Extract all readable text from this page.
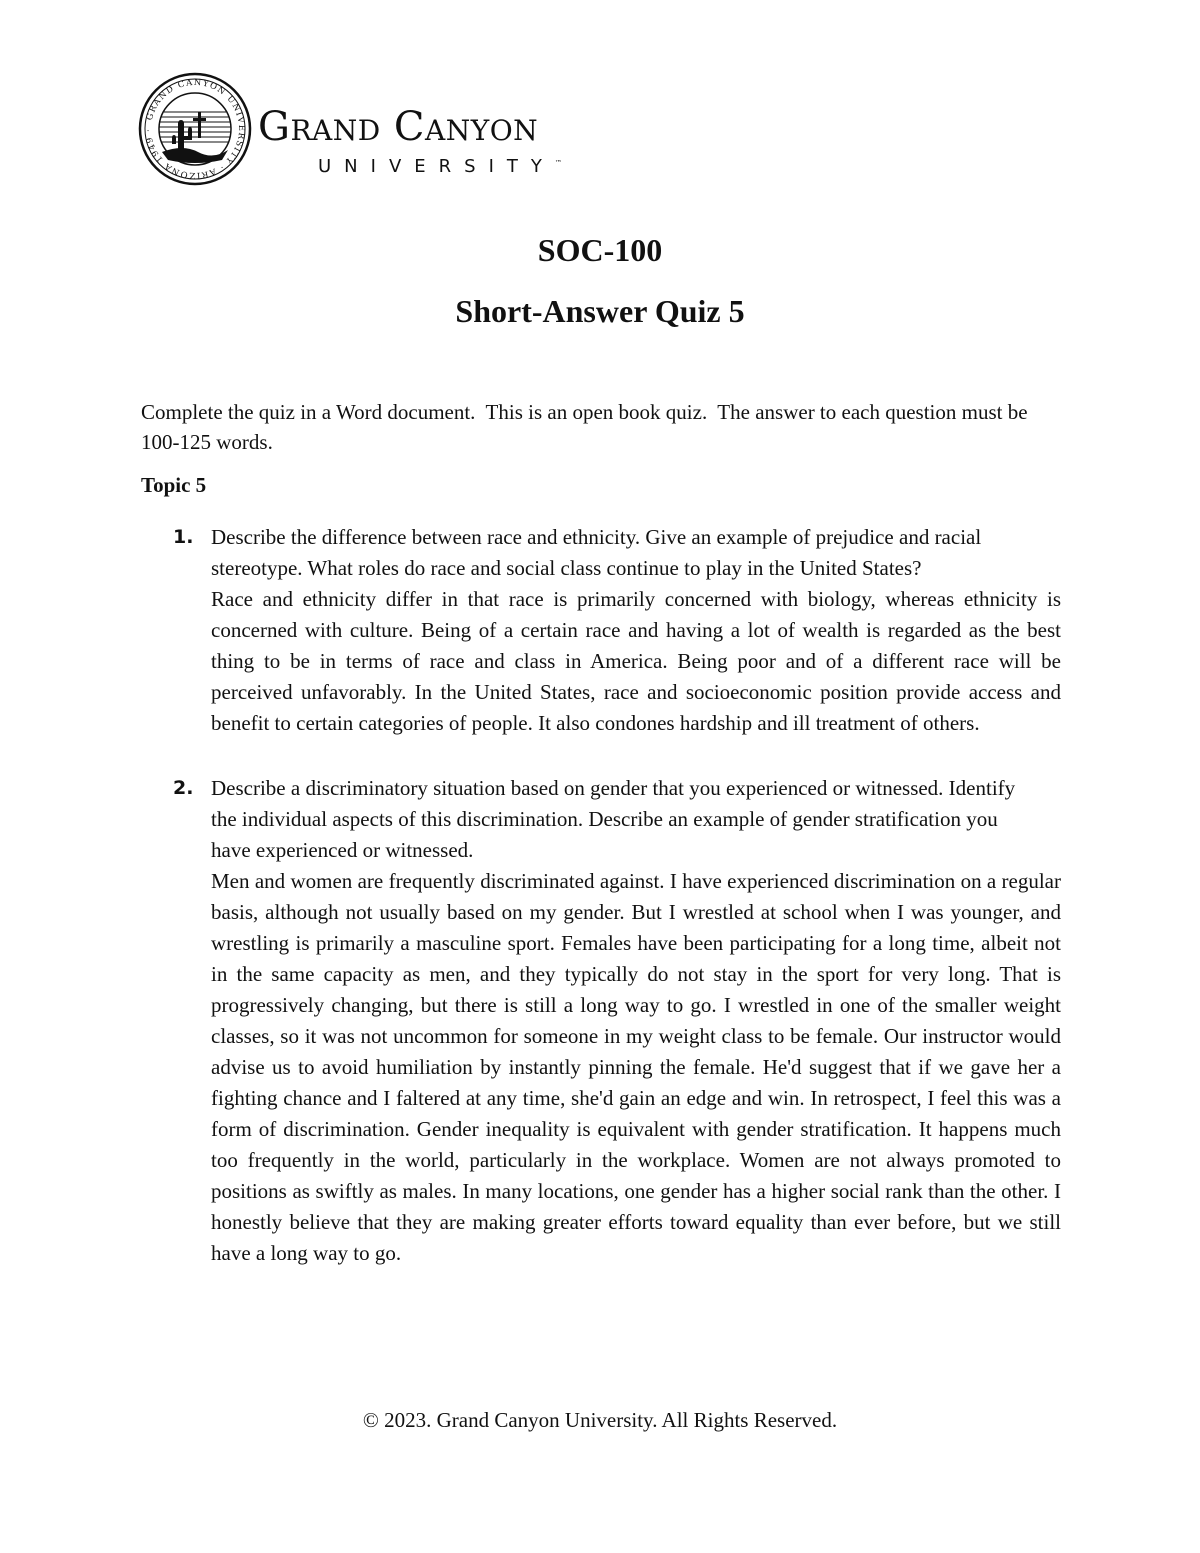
GRAND CANYON UNIVERSITY · ARIZONA 1949 ·	Grand Canyon
UNIVERSITY™
SOC-100
Short-Answer Quiz 5
Complete the quiz in a Word document.  This is an open book quiz.  The answer to each question must be 100-125 words.
Topic 5
1. Describe the difference between race and ethnicity. Give an example of prejudice and racial stereotype. What roles do race and social class continue to play in the United States?
Race and ethnicity differ in that race is primarily concerned with biology, whereas ethnicity is concerned with culture. Being of a certain race and having a lot of wealth is regarded as the best thing to be in terms of race and class in America. Being poor and of a different race will be perceived unfavorably. In the United States, race and socioeconomic position provide access and benefit to certain categories of people. It also condones hardship and ill treatment of others.
2. Describe a discriminatory situation based on gender that you experienced or witnessed. Identify the individual aspects of this discrimination. Describe an example of gender stratification you have experienced or witnessed.
Men and women are frequently discriminated against. I have experienced discrimination on a regular basis, although not usually based on my gender. But I wrestled at school when I was younger, and wrestling is primarily a masculine sport. Females have been participating for a long time, albeit not in the same capacity as men, and they typically do not stay in the sport for very long. That is progressively changing, but there is still a long way to go. I wrestled in one of the smaller weight classes, so it was not uncommon for someone in my weight class to be female. Our instructor would advise us to avoid humiliation by instantly pinning the female. He'd suggest that if we gave her a fighting chance and I faltered at any time, she'd gain an edge and win. In retrospect, I feel this was a form of discrimination. Gender inequality is equivalent with gender stratification. It happens much too frequently in the world, particularly in the workplace. Women are not always promoted to positions as swiftly as males. In many locations, one gender has a higher social rank than the other. I honestly believe that they are making greater efforts toward equality than ever before, but we still have a long way to go.
© 2023. Grand Canyon University. All Rights Reserved.
